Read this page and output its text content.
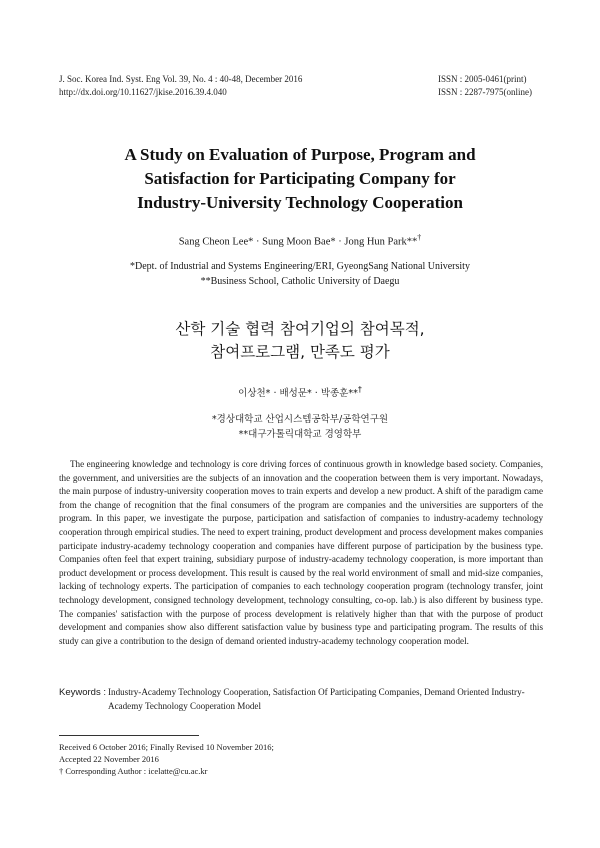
J. Soc. Korea Ind. Syst. Eng Vol. 39, No. 4 : 40-48, December 2016
http://dx.doi.org/10.11627/jkise.2016.39.4.040
ISSN : 2005-0461(print)
ISSN : 2287-7975(online)
A Study on Evaluation of Purpose, Program and
Satisfaction for Participating Company for
Industry-University Technology Cooperation
Sang Cheon Lee* · Sung Moon Bae* · Jong Hun Park**†
*Dept. of Industrial and Systems Engineering/ERI, GyeongSang National University
**Business School, Catholic University of Daegu
산학 기술 협력 참여기업의 참여목적,
참여프로그램, 만족도 평가
이상천* · 배성문* · 박종훈**†
*경상대학교 산업시스템공학부/공학연구원
**대구가톨릭대학교 경영학부

The engineering knowledge and technology is core driving forces of continuous growth in knowledge based society. Companies, the government, and universities are the subjects of an innovation and the cooperation between them is very important. Nowadays, the main purpose of industry-university cooperation moves to train experts and develop a new product. A shift of the paradigm came from the change of recognition that the final consumers of the program are companies and the universities are supporters of the program. In this paper, we investigate the purpose, participation and satisfaction of companies to industry-academy technology cooperation through empirical studies. The need to expert training, product development and process development makes companies participate industry-academy technology cooperation and companies have different purpose of participation by the business type. Companies often feel that expert training, subsidiary purpose of industry-academy technology cooperation, is more important than product development or process development. This result is caused by the real world environment of small and mid-size companies, lacking of technology experts. The participation of companies to each technology cooperation program (technology transfer, joint technology development, consigned technology development, technology consulting, co-op. lab.) is also different by business type. The companies' satisfaction with the purpose of process development is relatively higher than that with the purpose of product development and companies show also different satisfaction value by business type and participating program. The results of this study can give a contribution to the design of demand oriented industry-academy technology cooperation model.

Keywords : Industry-Academy Technology Cooperation, Satisfaction Of Participating Companies, Demand Oriented Industry-Academy Technology Cooperation Model
Received 6 October 2016; Finally Revised 10 November 2016;
Accepted 22 November 2016
† Corresponding Author : icelatte@cu.ac.kr
